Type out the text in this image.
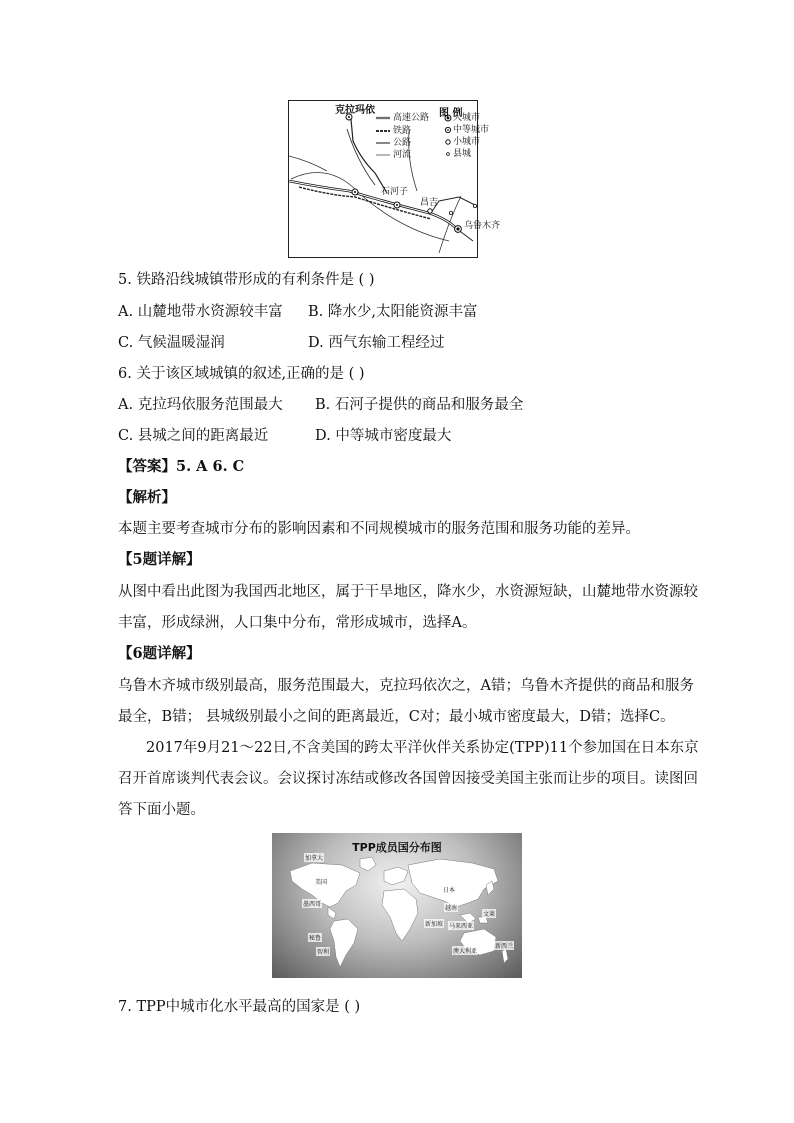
图 例
克拉玛依
高速公路
铁路
公路
河流
大城市
中等城市
小城市
县城
石河子
昌吉
乌鲁木齐
5. 铁路沿线城镇带形成的有利条件是 ( )
A. 山麓地带水资源较丰富 B. 降水少,太阳能资源丰富
C. 气候温暖湿润	D. 西气东输工程经过
6. 关于该区域城镇的叙述,正确的是 ( )
A. 克拉玛依服务范围最大 B. 石河子提供的商品和服务最全
C. 县城之间的距离最近	D. 中等城市密度最大
【答案】5. A 6. C
【解析】
本题主要考查城市分布的影响因素和不同规模城市的服务范围和服务功能的差异。
【5题详解】
从图中看出此图为我国西北地区，属于干旱地区，降水少，水资源短缺，山麓地带水资源较
丰富，形成绿洲，人口集中分布，常形成城市，选择A。
【6题详解】
乌鲁木齐城市级别最高，服务范围最大，克拉玛依次之，A错；乌鲁木齐提供的商品和服务
最全，B错； 县城级别最小之间的距离最近，C对；最小城市密度最大，D错；选择C。
2017年9月21～22日,不含美国的跨太平洋伙伴关系协定(TPP)11个参加国在日本东京
召开首席谈判代表会议。会议探讨冻结或修改各国曾因接受美国主张而让步的项目。读图回
答下面小题。
TPP成员国分布图
加拿大
美国
墨西哥
秘鲁
智利
日本
越南
文莱
马来西亚
新加坡
澳大利亚
新西兰
7. TPP中城市化水平最高的国家是 ( )
